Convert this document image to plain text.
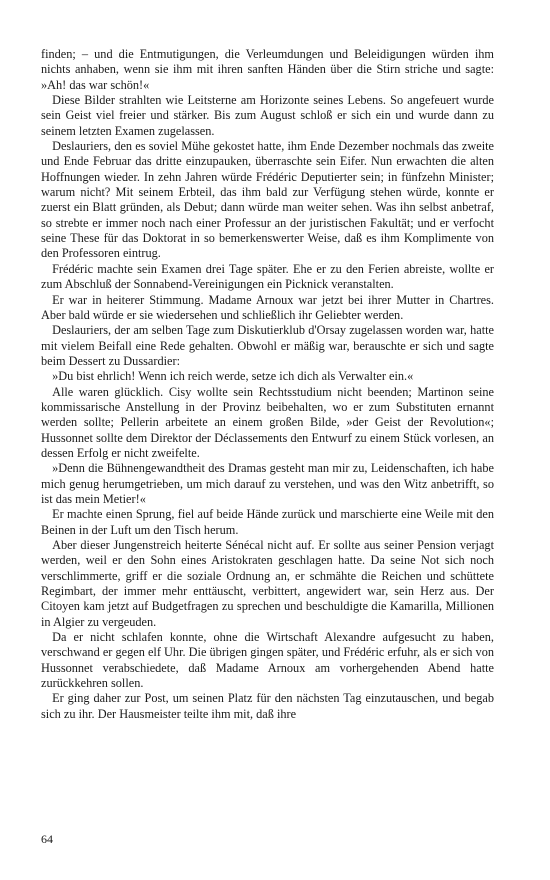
finden; – und die Entmutigungen, die Verleumdungen und Beleidigungen würden ihm nichts anhaben, wenn sie ihm mit ihren sanften Händen über die Stirn striche und sagte: »Ah! das war schön!«

Diese Bilder strahlten wie Leitsterne am Horizonte seines Lebens. So angefeuert wurde sein Geist viel freier und stärker. Bis zum August schloß er sich ein und wurde dann zu seinem letzten Examen zugelassen.

Deslauriers, den es soviel Mühe gekostet hatte, ihm Ende Dezember nochmals das zweite und Ende Februar das dritte einzupauken, überraschte sein Eifer. Nun erwachten die alten Hoffnungen wieder. In zehn Jahren würde Frédéric Deputierter sein; in fünfzehn Minister; warum nicht? Mit seinem Erbteil, das ihm bald zur Verfügung stehen würde, konnte er zuerst ein Blatt gründen, als Debut; dann würde man weiter sehen. Was ihn selbst anbetraf, so strebte er immer noch nach einer Professur an der juristischen Fakultät; und er verfocht seine These für das Doktorat in so bemerkenswerter Weise, daß es ihm Komplimente von den Professoren eintrug.

Frédéric machte sein Examen drei Tage später. Ehe er zu den Ferien abreiste, wollte er zum Abschluß der Sonnabend-Vereinigungen ein Picknick veranstalten.

Er war in heiterer Stimmung. Madame Arnoux war jetzt bei ihrer Mutter in Chartres. Aber bald würde er sie wiedersehen und schließlich ihr Geliebter werden.

Deslauriers, der am selben Tage zum Diskutierklub d'Orsay zugelassen worden war, hatte mit vielem Beifall eine Rede gehalten. Obwohl er mäßig war, berauschte er sich und sagte beim Dessert zu Dussardier:

»Du bist ehrlich! Wenn ich reich werde, setze ich dich als Verwalter ein.«

Alle waren glücklich. Cisy wollte sein Rechtsstudium nicht beenden; Martinon seine kommissarische Anstellung in der Provinz beibehalten, wo er zum Substituten ernannt werden sollte; Pellerin arbeitete an einem großen Bilde, »der Geist der Revolution«; Hussonnet sollte dem Direktor der Déclassements den Entwurf zu einem Stück vorlesen, an dessen Erfolg er nicht zweifelte.

»Denn die Bühnengewandtheit des Dramas gesteht man mir zu, Leidenschaften, ich habe mich genug herumgetrieben, um mich darauf zu verstehen, und was den Witz anbetrifft, so ist das mein Metier!«

Er machte einen Sprung, fiel auf beide Hände zurück und marschierte eine Weile mit den Beinen in der Luft um den Tisch herum.

Aber dieser Jungenstreich heiterte Sénécal nicht auf. Er sollte aus seiner Pension verjagt werden, weil er den Sohn eines Aristokraten geschlagen hatte. Da seine Not sich noch verschlimmerte, griff er die soziale Ordnung an, er schmähte die Reichen und schüttete Regimbart, der immer mehr enttäuscht, verbittert, angewidert war, sein Herz aus. Der Citoyen kam jetzt auf Budgetfragen zu sprechen und beschuldigte die Kamarilla, Millionen in Algier zu vergeuden.

Da er nicht schlafen konnte, ohne die Wirtschaft Alexandre aufgesucht zu haben, verschwand er gegen elf Uhr. Die übrigen gingen später, und Frédéric erfuhr, als er sich von Hussonnet verabschiedete, daß Madame Arnoux am vorhergehenden Abend hatte zurückkehren sollen.

Er ging daher zur Post, um seinen Platz für den nächsten Tag einzutauschen, und begab sich zu ihr. Der Hausmeister teilte ihm mit, daß ihre

64
